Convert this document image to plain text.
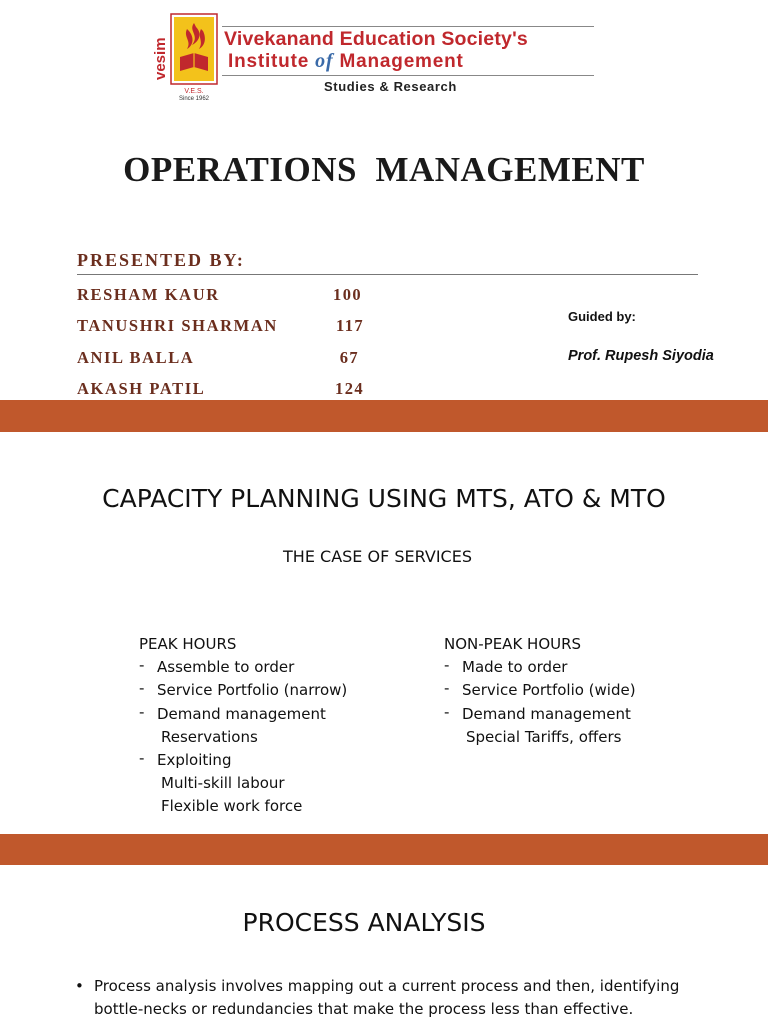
vesim
V.E.S.
Since 1962
Vivekanand Education Society's
Institute of Management
Studies & Research
OPERATIONS  MANAGEMENT
PRESENTED BY:
RESHAM KAUR	100
TANUSHRI SHARMAN	117
ANIL BALLA	67
AKASH PATIL	124
Guided by:
Prof. Rupesh Siyodia
CAPACITY PLANNING USING MTS, ATO & MTO
THE CASE OF SERVICES
PEAK HOURS
- Assemble to order
- Service Portfolio (narrow)
- Demand management
Reservations
- Exploiting
Multi-skill labour
Flexible work force
NON-PEAK HOURS
- Made to order
- Service Portfolio (wide)
- Demand management
Special Tariffs, offers
PROCESS ANALYSIS
• Process analysis involves mapping out a current process and then, identifying bottle-necks or redundancies that make the process less than effective.
